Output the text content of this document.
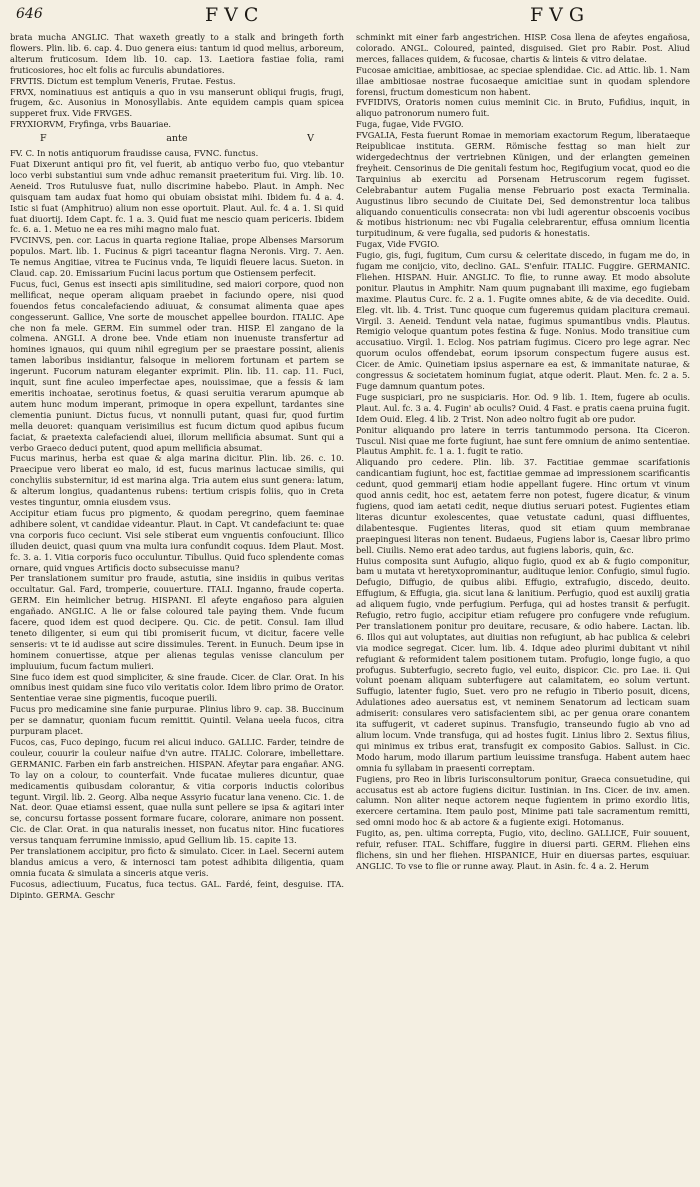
646	FVC	FVG

brata mucha ANGLIC. That waxeth greatly to a stalk and bringeth forth flowers. Plin. lib. 6. cap. 4. Duo genera eius: tantum id quod melius, arboreum, alterum fruticosum. Idem lib. 10. cap. 13. Laetiora fastiae folia, rami fruticosiores, hoc elt folis ac furculis abundatiores.

FRVTIS. Dictum est templum Veneris, Frutae. Festus.

FRVX, nominatiuus est antiquis a quo in vsu manserunt obliqui frugis, frugi, frugem, &c. Ausonius in Monosyllabis. Ante equidem campis quam spicea supperet frux. Vide FRVGES.

FRYXIORVM, Fryfinga, vrbs Bauariae.

F	ante	V

FV. C. In notis antiquorum fraudisse causa, FVNC. functus.

Fuat Dixerunt antiqui pro fit, vel fuerit, ab antiquo verbo fuo, quo vtebantur loco verbi substantiui sum vnde adhuc remansit praeteritum fui. Virg. lib. 10. Aeneid. Tros Rutulusve fuat, nullo discrimine habebo. Plaut. in Amph. Nec quisquam tam audax fuat homo qui obuiam obsistat mihi. Ibidem fu. 4 a. 4. Istic si fuat (Amphitruo) alium non esse oportuit. Plaut. Aul. fc. 4 a. 1. Si quid fuat diuortij. Idem Capt. fc. 1 a. 3. Quid fuat me nescio quam periceris. Ibidem fc. 6. a. 1. Metuo ne ea res mihi magno malo fuat.

FVCINVS, pen. cor. Lacus in quarta regione Italiae, prope Albenses Marsorum populos. Mart. lib. 1. Fucinus & pigri taceantur flagna Neronis. Virg. 7. Aen. Te nemus Angitiae, vitrea te Fucinus vnda, Te liquidi fleuere lacus. Sueton. in Claud. cap. 20. Emissarium Fucini lacus portum que Ostiensem perfecit.

Fucus, fuci, Genus est insecti apis similitudine, sed maiori corpore, quod non mellificat, neque operam aliquam praebet in faciundo opere, nisi quod fouendos fetus concalefaciendo adiuuat, & consumat alimenta quae apes congesserunt. Gallice, Vne sorte de mouschet appellee bourdon. ITALIC. Ape che non fa mele. GERM. Ein summel oder tran. HISP. El zangano de la colmena. ANGLI. A drone bee. Vnde etiam non inuenuste transfertur ad homines ignauos, qui quum nihil egregium per se praestare possint, alienis tamen laboribus insidiantur, falsoque in meliorem fortunam et partem se ingerunt. Fucorum naturam eleganter exprimit. Plin. lib. 11. cap. 11. Fuci, inquit, sunt fine aculeo imperfectae apes, nouissimae, que a fessis & iam emeritis inchoatae, serotinus foetus, & quasi seruitia verarum apumque ab autem hunc modum imperant, primoque in opera expellunt, tardantes sine clementia puniunt. Dictus fucus, vt nonnulli putant, quasi fur, quod furtim mella deuoret: quanquam verisimilius est fucum dictum quod apibus fucum faciat, & praetexta calefaciendi aluei, illorum mellificia absumat. Sunt qui a verbo Graeco deduci putent, quod apum mellificia absumat.

Fucus marinus, herba est quae & alga marina dicitur. Plin. lib. 26. c. 10. Praecipue vero liberat eo malo, id est, fucus marinus lactucae similis, qui conchyliis substernitur, id est marina alga. Tria autem eius sunt genera: latum, & alterum longius, quadantenus rubens: tertium crispis foliis, quo in Creta vestes tinguntur, omnia eiusdem vsus.

Accipitur etiam fucus pro pigmento, & quodam peregrino, quem faeminae adhibere solent, vt candidae videantur. Plaut. in Capt. Vt candefaciunt te: quae vna corporis fuco ceciunt. Visi sele stiberat eum vnguentis confouciunt. Illico illuden deuict, quasi quum vna multa iura confundit coquus. Idem Plaut. Most. fc. 3. a. 1. Vitia corporis fuco occuluntur. Tibullus. Quid fuco splendente comas ornare, quid vngues Artificis docto subsecuisse manu?

Per translationem sumitur pro fraude, astutia, sine insidiis in quibus veritas occultatur. Gal. Fard, tromperie, couuerture. ITALI. Inganno, fraude coperta. GERM. Ein heimlicher betrug. HISPANI. El afeyte engañoso para alguien engañado. ANGLIC. A lie or false coloured tale paying them. Vnde fucum facere, quod idem est quod decipere. Qu. Cic. de petit. Consul. Iam illud teneto diligenter, si eum qui tibi promiserit fucum, vt dicitur, facere velle senseris: vt te id audisse aut scire dissimules. Terent. in Eunuch. Deum ipse in hominem conuertisse, atque per alienas tegulas venisse clanculum per impluuium, fucum factum mulieri.

Sine fuco idem est quod simpliciter, & sine fraude. Cicer. de Clar. Orat. In his omnibus inest quidam sine fuco vilo veritatis color. Idem libro primo de Orator. Sententiae verae sine pigmentis, fucoque puerili.

Fucus pro medicamine sine fanie purpurae. Plinius libro 9. cap. 38. Buccinum per se damnatur, quoniam fucum remittit. Quintil. Velana ueela fucos, citra purpuram placet.

Fucos, cas, Fuco depingo, fucum rei alicui induco. GALLIC. Farder, teindre de couleur, couurir la couleur naifue d'vn autre. ITALIC. Colorare, imbellettare. GERMANIC. Farben ein farb anstreichen. HISPAN. Afeytar para engañar. ANG. To lay on a colour, to counterfait. Vnde fucatae mulieres dicuntur, quae medicamentis quibusdam colorantur, & vitia corporis inductis coloribus tegunt. Virgil. lib. 2. Georg. Alba neque Assyrio fucatur lana veneno. Cic. 1. de Nat. deor. Quae etiamsi essent, quae nulla sunt pellere se ipsa & agitari inter se, concursu fortasse possent formare fucare, colorare, animare non possent. Cic. de Clar. Orat. in qua naturalis inesset, non fucatus nitor. Hinc fucatiores versus tanquam ferrumine inmissio, apud Gellium lib. 15. capite 13.

Per translationem accipitur, pro ficto & simulato. Cicer. in Lael. Secerni autem blandus amicus a vero, & internosci tam potest adhibita diligentia, quam omnia fucata & simulata a sinceris atque veris.

Fucosus, adiectiuum, Fucatus, fuca tectus. GAL. Fardé, feint, desguise. ITA. Dipinto. GERMA. Geschr

schminkt mit einer farb angestrichen. HISP. Cosa llena de afeytes engañosa, colorado. ANGL. Coloured, painted, disguised. Giet pro Rabir. Post. Aliud merces, fallaces quidem, & fucosae, chartis & linteis & vitro delatae.

Fucosae amicitiae, ambitiosae, ac speciae splendidae. Cic. ad Attic. lib. 1. Nam illae ambitiosae nostrae fucosaeque amicitiae sunt in quodam splendore forensi, fructum domesticum non habent.

FVFIDIVS, Oratoris nomen cuius meminit Cic. in Bruto, Fufidius, inquit, in aliquo patronorum numero fuit.

Fuga, fugae, Vide FVGIO.

FVGALIA, Festa fuerunt Romae in memoriam exactorum Regum, liberataeque Reipublicae instituta. GERM. Römische festtag so man hielt zur widergedechtnus der vertriebnen Künigen, und der erlangten gemeinen freyheit. Censorinus de Die genitali festum hoc, Regifugium vocat, quod eo die Tarquinius ab exercitu ad Porsenam Hetruscorum regem fugisset. Celebrabantur autem Fugalia mense Februario post exacta Terminalia. Augustinus libro secundo de Ciuitate Dei, Sed demonstrentur loca talibus aliquando conuenticulis consecrata: non vbi ludi agerentur obscoenis vocibus & motibus histrionum: nec vbi Fugalia celebrarentur, effusa omnium licentia turpitudinum, & vere fugalia, sed pudoris & honestatis.

Fugax, Vide FVGIO.

Fugio, gis, fugi, fugitum, Cum cursu & celeritate discedo, in fugam me do, in fugam me conijcio, vito, declino. GAL. S'enfuir. ITALIC. Fuggire. GERMANIC. Fliehen. HISPAN. Huir. ANGLIC. To flie, to runne away. Et modo absolute ponitur. Plautus in Amphitr. Nam quum pugnabant illi maxime, ego fugiebam maxime. Plautus Curc. fc. 2 a. 1. Fugite omnes abite, & de via decedite. Ouid. Eleg. vlt. lib. 4. Trist. Tunc quoque cum fugeremus quidam placitura cremaui. Virgil. 3. Aeneid. Tendunt vela natae, fugimus spumantibus vndis. Plautus. Remigio veloque quantum potes festina & fuge. Nonius. Modo transitiue cum accusatiuo. Virgil. 1. Eclog. Nos patriam fugimus. Cicero pro lege agrar. Nec quorum oculos offendebat, eorum ipsorum conspectum fugere ausus est. Cicer. de Amic. Quinetiam ipsius aspernare ea est, & immanitate naturae, & congressus & societatem hominum fugiat, atque oderit. Plaut. Men. fc. 2 a. 5. Fuge damnum quantum potes.

Fuge suspiciari, pro ne suspiciaris. Hor. Od. 9 lib. 1. Item, fugere ab oculis. Plaut. Aul. fc. 3 a. 4. Fugin' ab oculis? Ouid. 4 Fast. e pratis caena pruina fugit. Idem Ouid. Eleg. 4 lib. 2 Trist. Non adeo noltro fugit ab ore pudor.

Ponitur aliquando pro latere in terris tantummodo persona. Ita Ciceron. Tuscul. Nisi quae me forte fugiunt, hae sunt fere omnium de animo sententiae. Plautus Amphit. fc. 1 a. 1. fugit te ratio.

Aliquando pro cedere. Plin. lib. 37. Factitiae gemmae scarifationis candicantiam fugiunt, hoc est, factitiae gemmae ad impressionem scarificantis cedunt, quod gemmarij etiam hodie appellant fugere. Hinc ortum vt vinum quod annis cedit, hoc est, aetatem ferre non potest, fugere dicatur, & vinum fugiens, quod iam aetati cedit, neque diutius seruari potest. Fugientes etiam literas dicuntur exolescentes, quae vetustate caduni, quasi diffluentes, dilabentesque. Fugientes literas, quod sit etiam quum membranae praepinguesi literas non tenent. Budaeus, Fugiens labor is, Caesar libro primo bell. Ciuilis. Nemo erat adeo tardus, aut fugiens laboris, quin, &c.

Huius composita sunt Aufugio, aliquo fugio, quod ex ab & fugio componitur, bam u mutata vt heretyxoprominantur, audituque lenior. Confugio, simul fugio. Defugio, Diffugio, de quibus alibi. Effugio, extrafugio, discedo, deuito. Effugium, & Effugia, gia. sicut lana & lanitium. Perfugio, quod est auxilij gratia ad aliquem fugio, vnde perfugium. Perfuga, qui ad hostes transit & perfugit. Refugio, retro fugio, accipitur etiam refugere pro confugere vnde refugium. Per translationem ponitur pro deuitare, recusare, & odio habere. Lactan. lib. 6. Illos qui aut voluptates, aut diuitias non refugiunt, ab hac publica & celebri via modice segregat. Cicer. lum. lib. 4. Idque adeo plurimi dubitant vt nihil refugiant & reformident talem positionem tutam. Profugio, longe fugio, a quo profugus. Subterfugio, secreto fugio, vel euito, dispicor. Cic. pro Lae. ii. Qui volunt poenam aliquam subterfugere aut calamitatem, eo solum vertunt. Suffugio, latenter fugio, Suet. vero pro ne refugio in Tiberio posuit, dicens, Adulationes adeo auersatus est, vt neminem Senatorum ad lecticam suam admiserit: consulares vero satisfacientem sibi, ac per genua orare conantem ita suffugerit, vt caderet supinus. Transfugio, transeundo fugio ab vno ad alium locum. Vnde transfuga, qui ad hostes fugit. Linius libro 2. Sextus filius, qui minimus ex tribus erat, transfugit ex composito Gabios. Sallust. in Cic. Modo harum, modo illarum partium leuissime transfuga. Habent autem haec omnia fu syllabam in praesenti correptam.

Fugiens, pro Reo in libris Iurisconsultorum ponitur, Graeca consuetudine, qui accusatus est ab actore fugiens dicitur. Iustinian. in Ins. Cicer. de inv. amen. calumn. Non aliter neque actorem neque fugientem in primo exordio litis, exercere certamina. Item paulo post, Minime pati tale sacramentum remitti, sed omni modo hoc & ab actore & a fugiente exigi. Hotomanus.

Fugito, as, pen. ultima correpta, Fugio, vito, declino. GALLICE, Fuir souuent, refuir, refuser. ITAL. Schiffare, fuggire in diuersi parti. GERM. Fliehen eins flichens, sin und her fliehen. HISPANICE, Huir en diuersas partes, esquiuar. ANGLIC. To vse to flie or runne away. Plaut. in Asin. fc. 4 a. 2. Herum
